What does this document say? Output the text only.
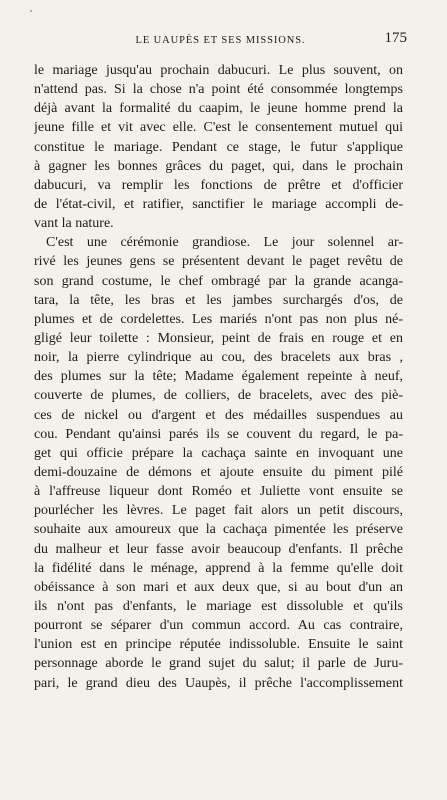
LE UAUPÈS ET SES MISSIONS.	175

le mariage jusqu'au prochain dabucuri. Le plus souvent, on
n'attend pas. Si la chose n'a point été consommée longtemps
déjà avant la formalité du caapim, le jeune homme prend la
jeune fille et vit avec elle. C'est le consentement mutuel qui
constitue le mariage. Pendant ce stage, le futur s'applique
à gagner les bonnes grâces du paget, qui, dans le prochain
dabucuri, va remplir les fonctions de prêtre et d'officier
de l'état-civil, et ratifier, sanctifier le mariage accompli de-
vant la nature.

C'est une cérémonie grandiose. Le jour solennel ar-
rivé les jeunes gens se présentent devant le paget revêtu de
son grand costume, le chef ombragé par la grande acanga-
tara, la tête, les bras et les jambes surchargés d'os, de
plumes et de cordelettes. Les mariés n'ont pas non plus né-
gligé leur toilette : Monsieur, peint de frais en rouge et en
noir, la pierre cylindrique au cou, des bracelets aux bras ,
des plumes sur la tête; Madame également repeinte à neuf,
couverte de plumes, de colliers, de bracelets, avec des piè-
ces de nickel ou d'argent et des médailles suspendues au
cou. Pendant qu'ainsi parés ils se couvent du regard, le pa-
get qui officie prépare la cachaça sainte en invoquant une
demi-douzaine de démons et ajoute ensuite du piment pilé
à l'affreuse liqueur dont Roméo et Juliette vont ensuite se
pourlécher les lèvres. Le paget fait alors un petit discours,
souhaite aux amoureux que la cachaça pimentée les préserve
du malheur et leur fasse avoir beaucoup d'enfants. Il prêche
la fidélité dans le ménage, apprend à la femme qu'elle doit
obéissance à son mari et aux deux que, si au bout d'un an
ils n'ont pas d'enfants, le mariage est dissoluble et qu'ils
pourront se séparer d'un commun accord. Au cas contraire,
l'union est en principe réputée indissoluble. Ensuite le saint
personnage aborde le grand sujet du salut; il parle de Juru-
pari, le grand dieu des Uaupès, il prêche l'accomplissement
